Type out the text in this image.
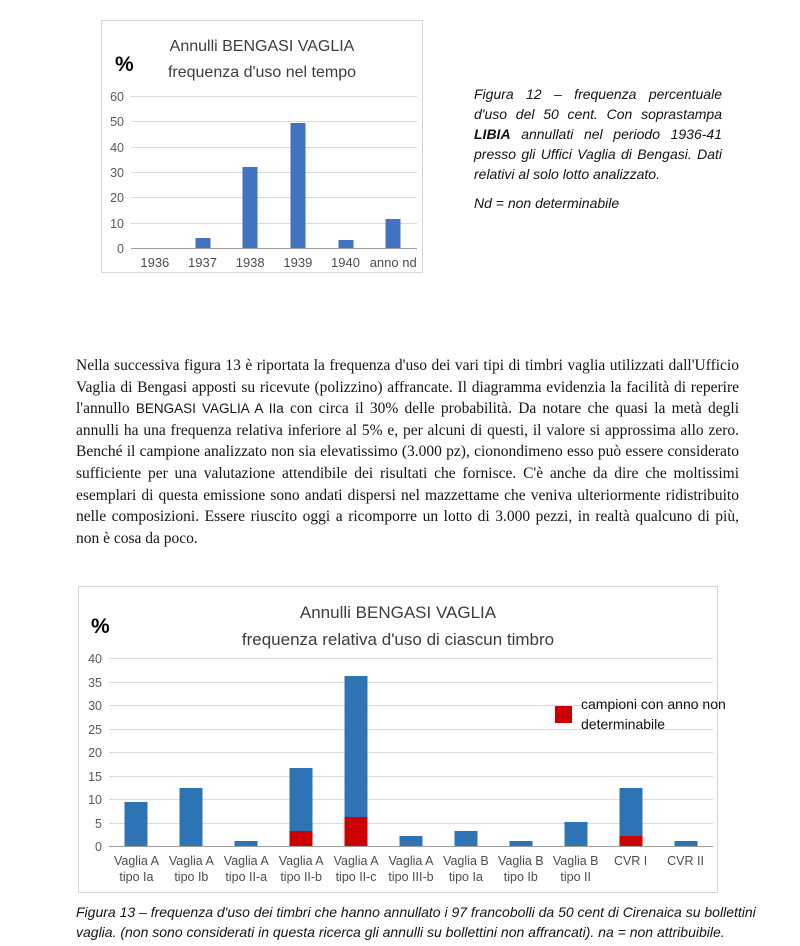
Annulli BENGASI VAGLIA
frequenza d'uso nel tempo
%
0
10
20
30
40
50
60
1936 1937 1938 1939 1940 anno nd
Figura 12 – frequenza percentuale d'uso del 50 cent. Con soprastampa LIBIA annullati nel periodo 1936-41 presso gli Uffici Vaglia di Bengasi. Dati relativi al solo lotto analizzato.
Nd = non determinabile

Nella successiva figura 13 è riportata la frequenza d'uso dei vari tipi di timbri vaglia utilizzati dall'Ufficio Vaglia di Bengasi apposti su ricevute (polizzino) affrancate. Il diagramma evidenzia la facilità di reperire l'annullo BENGASI VAGLIA A IIa con circa il 30% delle probabilità. Da notare che quasi la metà degli annulli ha una frequenza relativa inferiore al 5% e, per alcuni di questi, il valore si approssima allo zero. Benché il campione analizzato non sia elevatissimo (3.000 pz), cionondimeno esso può essere considerato sufficiente per una valutazione attendibile dei risultati che fornisce. C'è anche da dire che moltissimi esemplari di questa emissione sono andati dispersi nel mazzettame che veniva ulteriormente ridistribuito nelle composizioni. Essere riuscito oggi a ricomporre un lotto di 3.000 pezzi, in realtà qualcuno di più, non è cosa da poco.

Annulli BENGASI VAGLIA
frequenza relativa d'uso di ciascun timbro
%
0
5
10
15
20
25
30
35
40
Vaglia A
tipo Ia
Vaglia A
tipo Ib
Vaglia A
tipo II-a
Vaglia A
tipo II-b
Vaglia A
tipo II-c
Vaglia A
tipo III-b
Vaglia B
tipo Ia
Vaglia B
tipo Ib
Vaglia B
tipo II
CVR I CVR II
campioni con anno non determinabile
Figura 13 – frequenza d'uso dei timbri che hanno annullato i 97 francobolli da 50 cent di Cirenaica su bollettini vaglia. (non sono considerati in questa ricerca gli annulli su bollettini non affrancati). na = non attribuibile.
